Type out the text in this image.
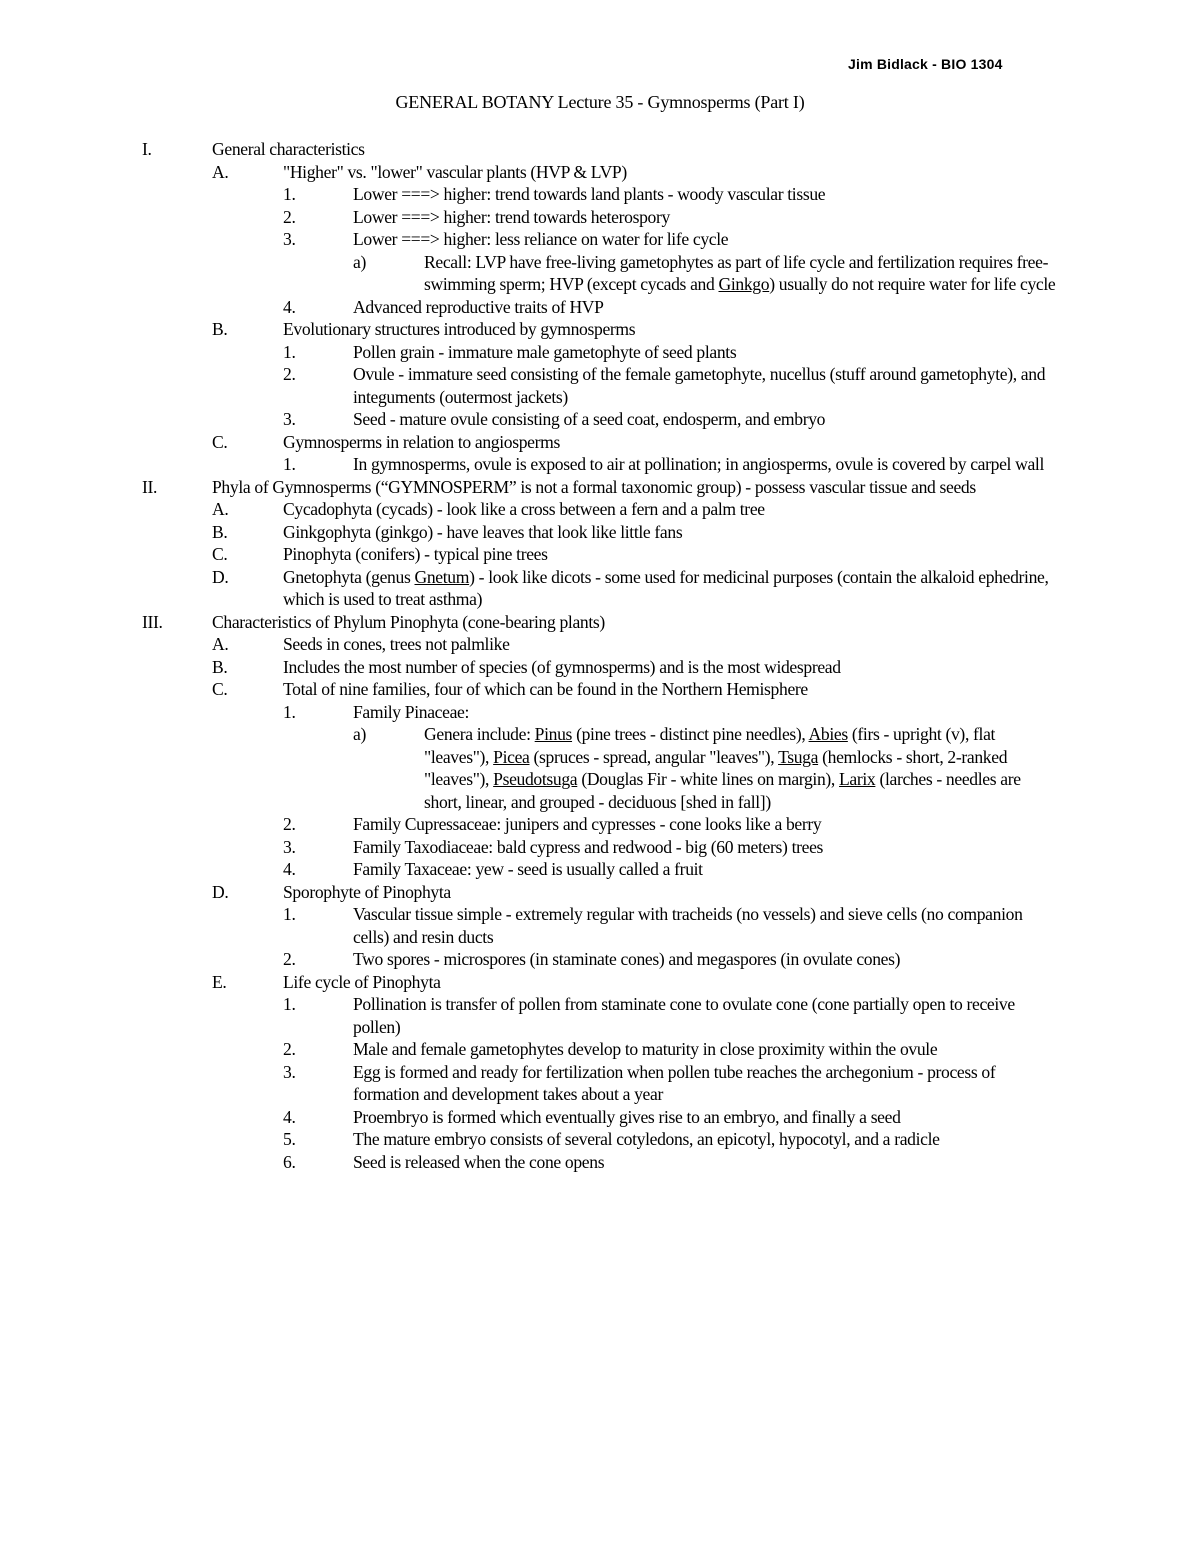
Jim Bidlack - BIO 1304
GENERAL BOTANY Lecture 35 - Gymnosperms (Part I)
I.	General characteristics
A.	"Higher" vs. "lower" vascular plants (HVP & LVP)
1.	Lower ===> higher: trend towards land plants - woody vascular tissue
2.	Lower ===> higher: trend towards heterospory
3.	Lower ===> higher: less reliance on water for life cycle
a)	Recall: LVP have free-living gametophytes as part of life cycle and fertilization requires free-swimming sperm; HVP (except cycads and Ginkgo) usually do not require water for life cycle
4.	Advanced reproductive traits of HVP
B.	Evolutionary structures introduced by gymnosperms
1.	Pollen grain - immature male gametophyte of seed plants
2.	Ovule - immature seed consisting of the female gametophyte, nucellus (stuff around gametophyte), and integuments (outermost jackets)
3.	Seed - mature ovule consisting of a seed coat, endosperm, and embryo
C.	Gymnosperms in relation to angiosperms
1.	In gymnosperms, ovule is exposed to air at pollination; in angiosperms, ovule is covered by carpel wall
II.	Phyla of Gymnosperms (“GYMNOSPERM” is not a formal taxonomic group) - possess vascular tissue and seeds
A.	Cycadophyta (cycads) - look like a cross between a fern and a palm tree
B.	Ginkgophyta (ginkgo) - have leaves that look like little fans
C.	Pinophyta (conifers) - typical pine trees
D.	Gnetophyta (genus Gnetum) - look like dicots - some used for medicinal purposes (contain the alkaloid ephedrine, which is used to treat asthma)
III.	Characteristics of Phylum Pinophyta (cone-bearing plants)
A.	Seeds in cones, trees not palmlike
B.	Includes the most number of species (of gymnosperms) and is the most widespread
C.	Total of nine families, four of which can be found in the Northern Hemisphere
1.	Family Pinaceae:
a)	Genera include: Pinus (pine trees - distinct pine needles), Abies (firs - upright (v), flat "leaves"), Picea (spruces - spread, angular "leaves"), Tsuga (hemlocks - short, 2-ranked "leaves"), Pseudotsuga (Douglas Fir - white lines on margin), Larix (larches - needles are short, linear, and grouped - deciduous [shed in fall])
2.	Family Cupressaceae: junipers and cypresses - cone looks like a berry
3.	Family Taxodiaceae: bald cypress and redwood - big (60 meters) trees
4.	Family Taxaceae: yew - seed is usually called a fruit
D.	Sporophyte of Pinophyta
1.	Vascular tissue simple - extremely regular with tracheids (no vessels) and sieve cells (no companion cells) and resin ducts
2.	Two spores - microspores (in staminate cones) and megaspores (in ovulate cones)
E.	Life cycle of Pinophyta
1.	Pollination is transfer of pollen from staminate cone to ovulate cone (cone partially open to receive pollen)
2.	Male and female gametophytes develop to maturity in close proximity within the ovule
3.	Egg is formed and ready for fertilization when pollen tube reaches the archegonium - process of formation and development takes about a year
4.	Proembryo is formed which eventually gives rise to an embryo, and finally a seed
5.	The mature embryo consists of several cotyledons, an epicotyl, hypocotyl, and a radicle
6.	Seed is released when the cone opens
